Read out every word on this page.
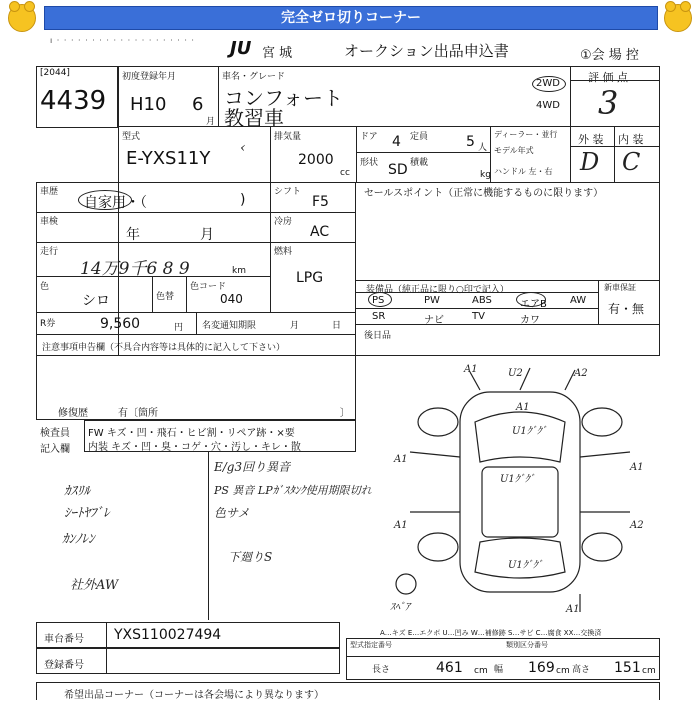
完全ゼロ切りコーナー
JU 宮 城	オークション出品申込書	①会 場 控
ı · · · · · · · · · · · · · · · · · · · ·
[2044]
4439
初度登録年月
H10 6
月
車名・グレード
コンフォート
教習車
2WD
4WD
評 価 点
3
型式
E-YXS11Y ‹
排気量
2000
cc
ドア 4 定員	5 人
形状 SD 積載
kg
ディーラー・並行
モデル年式
ハンドル 左・右
外 装 内 装
D C
車歴
自家用・（	)	シフト
F5
車検
年	月
冷房
AC
走行
14万9千6 8 9	km
燃料
LPG
色
シロ	色替
色コード
040
R券	9,560	円 名変通知期限	月	日
セールスポイント（正常に機能するものに限ります）
装備品（純正品に限り○印で記入）	新車保証
有・無
後日品
注意事項申告欄（不具合内容等は具体的に記入して下さい）
修復歴	有〔箇所	〕
検査員
記入欄
FW キズ・凹・飛石・ヒビ割・リペア跡・×要
内装 キズ・凹・臭・コゲ・穴・汚し・キレ・散
ｶｽﾘﾙ
ｼｰﾄﾔﾌﾞﾚ
ｶﾝﾉﾚﾝ
社外AW
E/g3回り異音
PS 異音 LPｶﾞｽﾀﾝｸ使用期限切れ
色サメ
下廻りS
A1	U2	A2
A1
U1ｸﾞｸﾞ
A1
U1ｸﾞｸﾞ
A1
A2
U1ｸﾞｸﾞ
A1
A1
ｽﾍﾟｱ
車台番号 YXS110027494
登録番号
A…キズ E…エクボ U…凹み W…補修跡 S…サビ C…腐食 XX…交換済
型式指定番号	類別区分番号
長さ	461 cm 幅 169 cm 高さ 151 cm
希望出品コーナー（コーナーは各会場により異なります）
PS	PW	ABS	エアB AW
SR	ナビ	TV	カワ
